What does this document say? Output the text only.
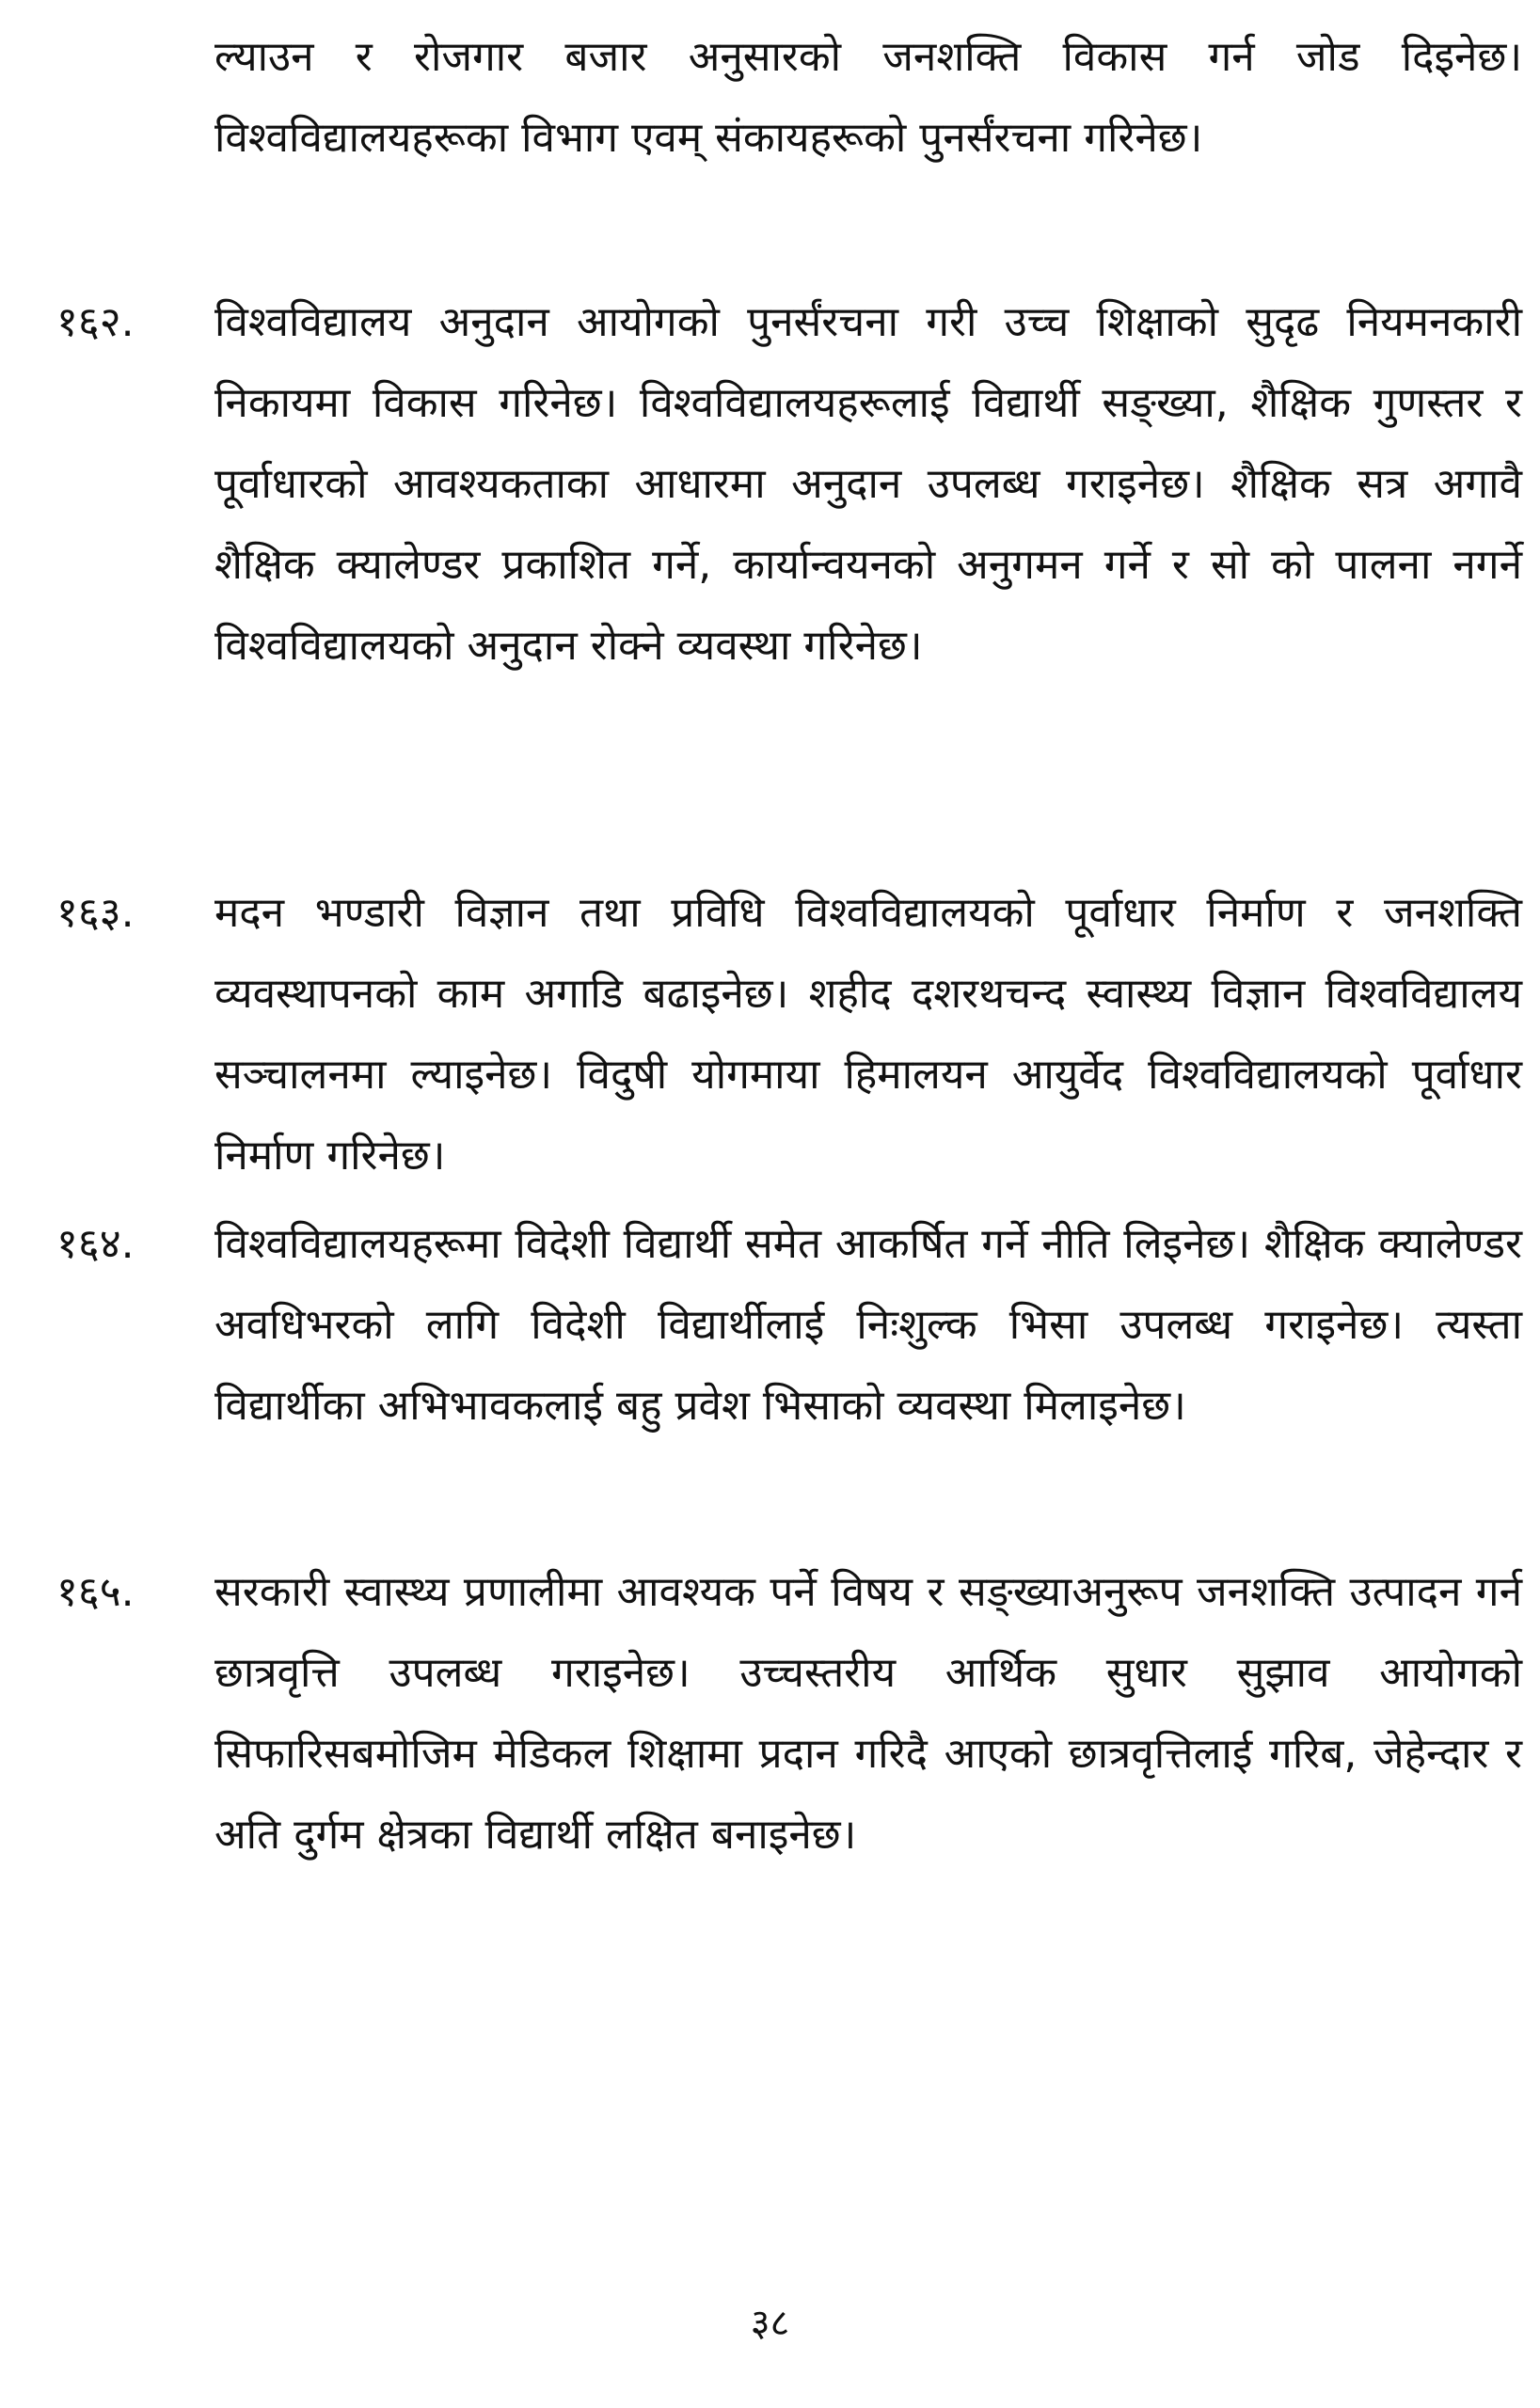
ल्याउन र रोजगार बजार अनुसारको जनशक्ति विकास गर्न जोड दिइनेछ। विश्वविद्यालयहरूका विभाग एवम् संकायहरूको पुनर्संरचना गरिनेछ।
१६२.	विश्वविद्यालय अनुदान आयोगको पुनर्संरचना गरी उच्च शिक्षाको सुदृढ नियमनकारी निकायमा विकास गरिनेछ। विश्वविद्यालयहरूलाई विद्यार्थी सङ्ख्या, शैक्षिक गुणस्तर र पूर्वाधारको आवश्यकताका आधारमा अनुदान उपलब्ध गराइनेछ। शैक्षिक सत्र अगावै शैक्षिक क्यालेण्डर प्रकाशित गर्ने, कार्यान्वयनको अनुगमन गर्ने र सो को पालना नगर्ने विश्वविद्यालयको अनुदान रोक्ने व्यवस्था गरिनेछ।
१६३.	मदन भण्डारी विज्ञान तथा प्रविधि विश्वविद्यालयको पूर्वाधार निर्माण र जनशक्ति व्यवस्थापनको काम अगाडि बढाइनेछ। शहीद दशरथचन्द स्वास्थ्य विज्ञान विश्वविद्यालय सञ्चालनमा ल्याइनेछ। विदुषी योगमाया हिमालयन आयुर्वेद विश्वविद्यालयको पूर्वाधार निर्माण गरिनेछ।
१६४.	विश्वविद्यालयहरूमा विदेशी विद्यार्थी समेत आकर्षित गर्ने नीति लिइनेछ। शैक्षिक क्यालेण्डर अवधिभरको लागि विदेशी विद्यार्थीलाई निःशुल्क भिसा उपलब्ध गराइनेछ। त्यस्ता विद्यार्थीका अभिभावकलाई बहु प्रवेश भिसाको व्यवस्था मिलाइनेछ।
१६५.	सरकारी स्वास्थ्य प्रणालीमा आवश्यक पर्ने विषय र सङ्ख्याअनुरूप जनशक्ति उत्पादन गर्न छात्रवृत्ति उपलब्ध गराइनेछ। उच्चस्तरीय आर्थिक सुधार सुझाव आयोगको सिफारिसबमोजिम मेडिकल शिक्षामा प्रदान गरिदै आएको छात्रवृत्तिलाई गरिब, जेहेन्दार र अति दुर्गम क्षेत्रका विद्यार्थी लक्षित बनाइनेछ।
३८
